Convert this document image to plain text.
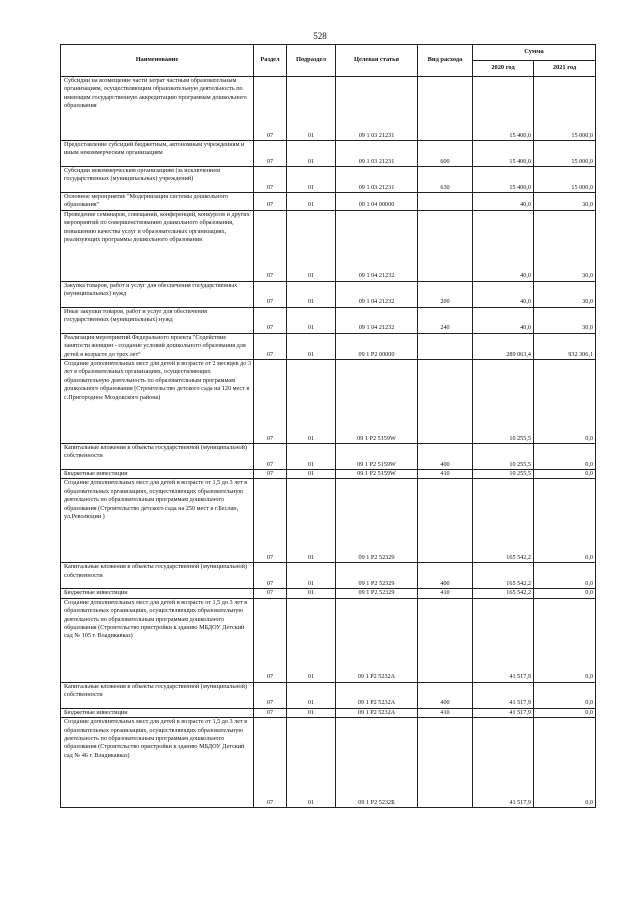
528
Наименование	Раздел	Подраздел	Целевая статья	Вид расхода	Сумма	
					2020 год	2021 год
Субсидии на возмещение части затрат частным образовательным организациям, осуществляющим образовательную деятельность по имеющим государственную аккредитацию программам дошкольного образования	07	01	09 1 03 21231		15 400,0	15 000,0
Предоставление субсидий бюджетным, автономным учреждениям и иным некоммерческим организациям	07	01	09 1 03 21231	600	15 400,0	15 000,0
Субсидии некоммерческим организациям (за исключением государственных (муниципальных) учреждений)	07	01	09 1 03 21231	630	15 400,0	15 000,0
Основное мероприятие "Модернизация системы дошкольного образования"	07	01	09 1 04 00000		40,0	30,0
Проведение семинаров, совещаний, конференций, конкурсов и других мероприятий по совершенствованию дошкольного образования, повышению качества услуг в образовательных организациях, реализующих программы дошкольного образования	07	01	09 1 04 21232		40,0	30,0
Закупка товаров, работ и услуг для обеспечения государственных (муниципальных) нужд	07	01	09 1 04 21232	200	40,0	30,0
Иные закупки товаров, работ и услуг для обеспечения государственных (муниципальных) нужд	07	01	09 1 04 21232	240	40,0	30,0
Реализация мероприятий Федерального проекта "Содействие занятости женщин - создание условий дошкольного образования для детей в возрасте до трех лет"	07	01	09 1 P2 00000		289 063,4	932 306,1
Создание дополнительных мест для детей в возрасте от 2 месяцев до 3 лет в образовательных организациях, осуществляющих образовательную деятельность по образовательным программам дошкольного образования (Строительство детского сада на 120 мест в с.Пригородное Моздокского района)	07	01	09 1 P2 5159W		10 255,5	0,0
Капитальные вложения в объекты государственной (муниципальной) собственности	07	01	09 1 P2 5159W	400	10 255,5	0,0
Бюджетные инвестиции	07	01	09 1 P2 5159W	410	10 255,5	0,0
Создание дополнительных мест для детей в возрасте от 1,5 до 3 лет в образовательных организациях, осуществляющих образовательную деятельность по образовательным программам дошкольного образования (Строительство детского сада на 250 мест в г.Беслан, ул.Революции )	07	01	09 1 P2 52329		165 542,2	0,0
Капитальные вложения в объекты государственной (муниципальной) собственности	07	01	09 1 P2 52329	400	165 542,2	0,0
Бюджетные инвестиции	07	01	09 1 P2 52329	410	165 542,2	0,0
Создание дополнительных мест для детей в возрасте от 1,5 до 3 лет в образовательных организациях, осуществляющих образовательную деятельность по образовательным программам дошкольного образования (Строительство пристройки к зданию МБДОУ Детский сад № 105 г. Владикавказ)	07	01	09 1 P2 5232A		41 517,9	0,0
Капитальные вложения в объекты государственной (муниципальной) собственности	07	01	09 1 P2 5232A	400	41 517,9	0,0
Бюджетные инвестиции	07	01	09 1 P2 5232A	410	41 517,9	0,0
Создание дополнительных мест для детей в возрасте от 1,5 до 3 лет в образовательных организациях, осуществляющих образовательную деятельность по образовательным программам дошкольного образования (Строительство пристройки к зданию МБДОУ Детский сад № 46 г. Владикавказ)	07	01	09 1 P2 5232Б		41 517,9	0,0
